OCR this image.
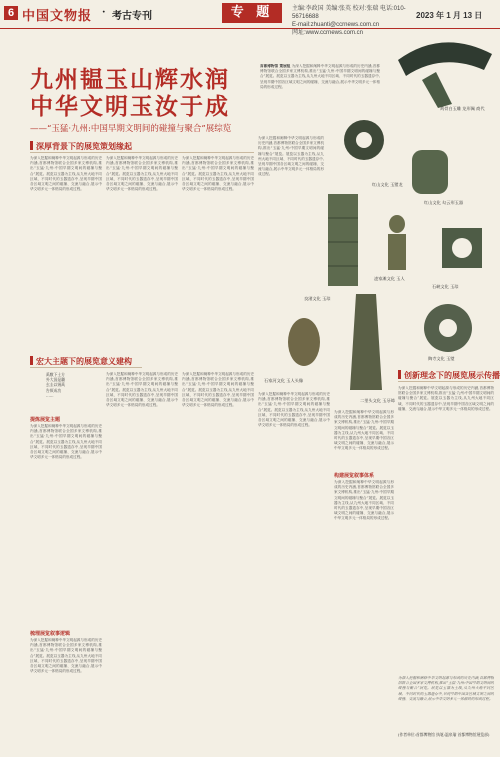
6 中国文物报 · 考古专刊	专 题	主编:李政国 美编:张英 校对:张瑞 电话:010-56716688
E-mail:zhuanti@ccrnews.com.cn
网址:www.ccrnews.com.cn
2023 年 1 月 13 日
九州韫玉山辉水润
中华文明玉汝于成
——“玉猛·九州:中国早期文明间的碰撞与聚合”展综览
首都博物馆 策展组 为深入挖掘和阐释中华文明起源与形成的历史内涵,首都博物馆联合全国多家文博机构,推出“玉猛·九州:中国早期文明间的碰撞与聚合”展览。展览以玉器为主线,从九州大地不同区域、不同时代的玉器遗存中,呈现早期中国各区域文明之间的碰撞、交流与融合,展示中华文明多元一体格局的形成过程。
鸡骨白玉雕 龙形佩 商代
深厚背景下的展览策划缘起
为深入挖掘和阐释中华文明起源与形成的历史内涵,首都博物馆联合全国多家文博机构,推出“玉猛·九州:中国早期文明间的碰撞与聚合”展览。展览以玉器为主线,从九州大地不同区域、不同时代的玉器遗存中,呈现早期中国各区域文明之间的碰撞、交流与融合,展示中华文明多元一体格局的形成过程。
为深入挖掘和阐释中华文明起源与形成的历史内涵,首都博物馆联合全国多家文博机构,推出“玉猛·九州:中国早期文明间的碰撞与聚合”展览。展览以玉器为主线,从九州大地不同区域、不同时代的玉器遗存中,呈现早期中国各区域文明之间的碰撞、交流与融合,展示中华文明多元一体格局的形成过程。
为深入挖掘和阐释中华文明起源与形成的历史内涵,首都博物馆联合全国多家文博机构,推出“玉猛·九州:中国早期文明间的碰撞与聚合”展览。展览以玉器为主线,从九州大地不同区域、不同时代的玉器遗存中,呈现早期中国各区域文明之间的碰撞、交流与融合,展示中华文明多元一体格局的形成过程。
为深入挖掘和阐释中华文明起源与形成的历史内涵,首都博物馆联合全国多家文博机构,推出“玉猛·九州:中国早期文明间的碰撞与聚合”展览。展览以玉器为主线,从九州大地不同区域、不同时代的玉器遗存中,呈现早期中国各区域文明之间的碰撞、交流与融合,展示中华文明多元一体格局的形成过程。
红山文化 玉猪龙
红山文化 勾云形玉器
良渚文化 玉琮
凌家滩文化 玉人
石峡文化 玉琮
二里头文化 玉牙璋
陶寺文化 玉璧
石家河文化 玉人头像
宏大主题下的展览意义建构
禹敷下土方
外大国是疆
玄圭以锡禹
告厥成功
……
提炼展览主题
为深入挖掘和阐释中华文明起源与形成的历史内涵,首都博物馆联合全国多家文博机构,推出“玉猛·九州:中国早期文明间的碰撞与聚合”展览。展览以玉器为主线,从九州大地不同区域、不同时代的玉器遗存中,呈现早期中国各区域文明之间的碰撞、交流与融合,展示中华文明多元一体格局的形成过程。
梳理展览叙事逻辑
为深入挖掘和阐释中华文明起源与形成的历史内涵,首都博物馆联合全国多家文博机构,推出“玉猛·九州:中国早期文明间的碰撞与聚合”展览。展览以玉器为主线,从九州大地不同区域、不同时代的玉器遗存中,呈现早期中国各区域文明之间的碰撞、交流与融合,展示中华文明多元一体格局的形成过程。
为深入挖掘和阐释中华文明起源与形成的历史内涵,首都博物馆联合全国多家文博机构,推出“玉猛·九州:中国早期文明间的碰撞与聚合”展览。展览以玉器为主线,从九州大地不同区域、不同时代的玉器遗存中,呈现早期中国各区域文明之间的碰撞、交流与融合,展示中华文明多元一体格局的形成过程。
为深入挖掘和阐释中华文明起源与形成的历史内涵,首都博物馆联合全国多家文博机构,推出“玉猛·九州:中国早期文明间的碰撞与聚合”展览。展览以玉器为主线,从九州大地不同区域、不同时代的玉器遗存中,呈现早期中国各区域文明之间的碰撞、交流与融合,展示中华文明多元一体格局的形成过程。
为深入挖掘和阐释中华文明起源与形成的历史内涵,首都博物馆联合全国多家文博机构,推出“玉猛·九州:中国早期文明间的碰撞与聚合”展览。展览以玉器为主线,从九州大地不同区域、不同时代的玉器遗存中,呈现早期中国各区域文明之间的碰撞、交流与融合,展示中华文明多元一体格局的形成过程。
构建展览叙事体系
为深入挖掘和阐释中华文明起源与形成的历史内涵,首都博物馆联合全国多家文博机构,推出“玉猛·九州:中国早期文明间的碰撞与聚合”展览。展览以玉器为主线,从九州大地不同区域、不同时代的玉器遗存中,呈现早期中国各区域文明之间的碰撞、交流与融合,展示中华文明多元一体格局的形成过程。
为深入挖掘和阐释中华文明起源与形成的历史内涵,首都博物馆联合全国多家文博机构,推出“玉猛·九州:中国早期文明间的碰撞与聚合”展览。展览以玉器为主线,从九州大地不同区域、不同时代的玉器遗存中,呈现早期中国各区域文明之间的碰撞、交流与融合,展示中华文明多元一体格局的形成过程。
创新理念下的展览展示传播
为深入挖掘和阐释中华文明起源与形成的历史内涵,首都博物馆联合全国多家文博机构,推出“玉猛·九州:中国早期文明间的碰撞与聚合”展览。展览以玉器为主线,从九州大地不同区域、不同时代的玉器遗存中,呈现早期中国各区域文明之间的碰撞、交流与融合,展示中华文明多元一体格局的形成过程。
为深入挖掘和阐释中华文明起源与形成的历史内涵,首都博物馆联合全国多家文博机构,推出“玉猛·九州:中国早期文明间的碰撞与聚合”展览。展览以玉器为主线,从九州大地不同区域、不同时代的玉器遗存中,呈现早期中国各区域文明之间的碰撞、交流与融合,展示中华文明多元一体格局的形成过程。
(作者单位:首都博物馆 执笔:温泉瑜 首都博物馆展览部)
